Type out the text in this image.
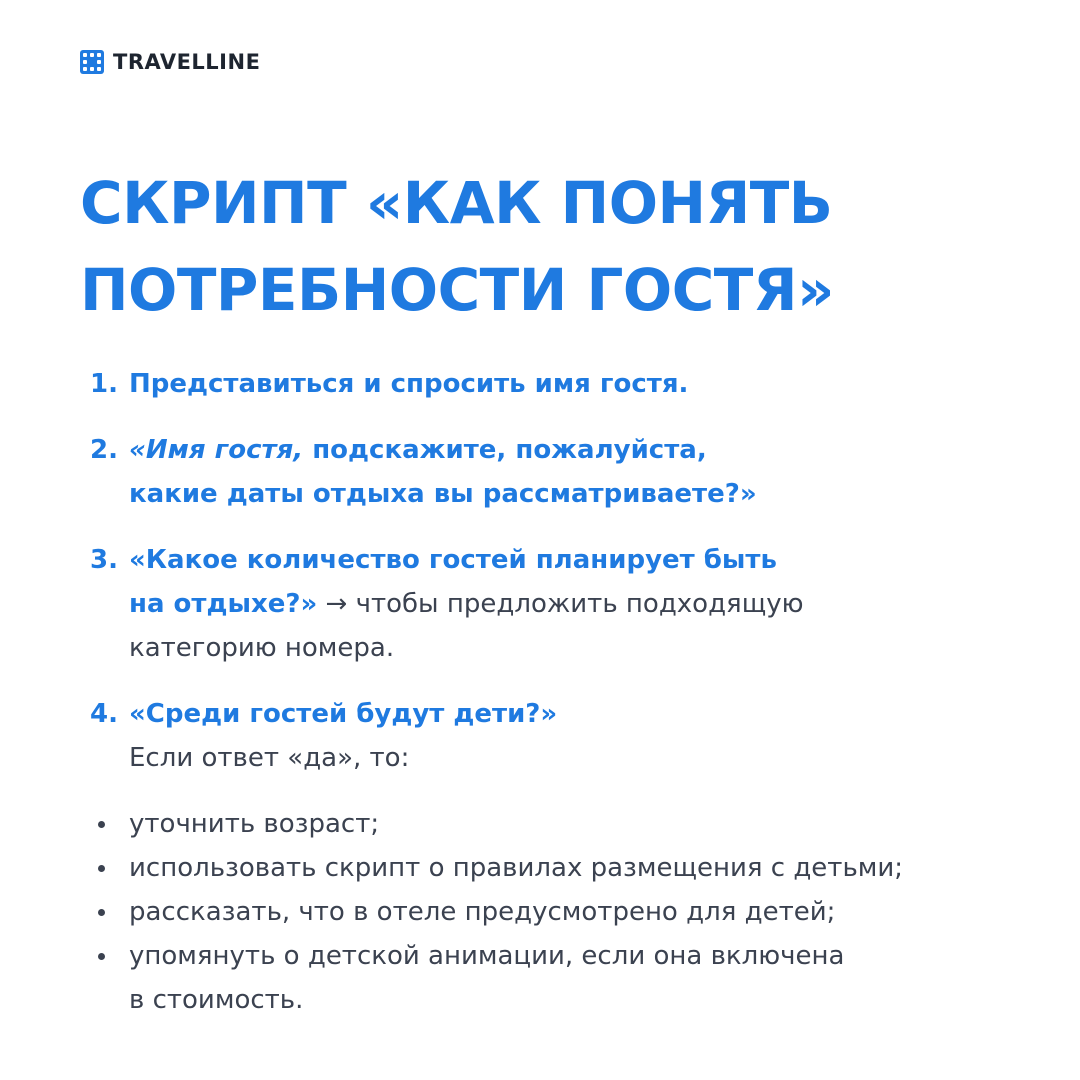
TRAVELLINE
СКРИПТ «КАК ПОНЯТЬ
ПОТРЕБНОСТИ ГОСТЯ»
1. Представиться и спросить имя гостя.
2. «Имя гостя, подскажите, пожалуйста,
какие даты отдыха вы рассматриваете?»
3. «Какое количество гостей планирует быть
на отдыхе?» → чтобы предложить подходящую
категорию номера.
4. «Среди гостей будут дети?»
Если ответ «да», то:
уточнить возраст;
использовать скрипт о правилах размещения с детьми;
рассказать, что в отеле предусмотрено для детей;
упомянуть о детской анимации, если она включена
в стоимость.
